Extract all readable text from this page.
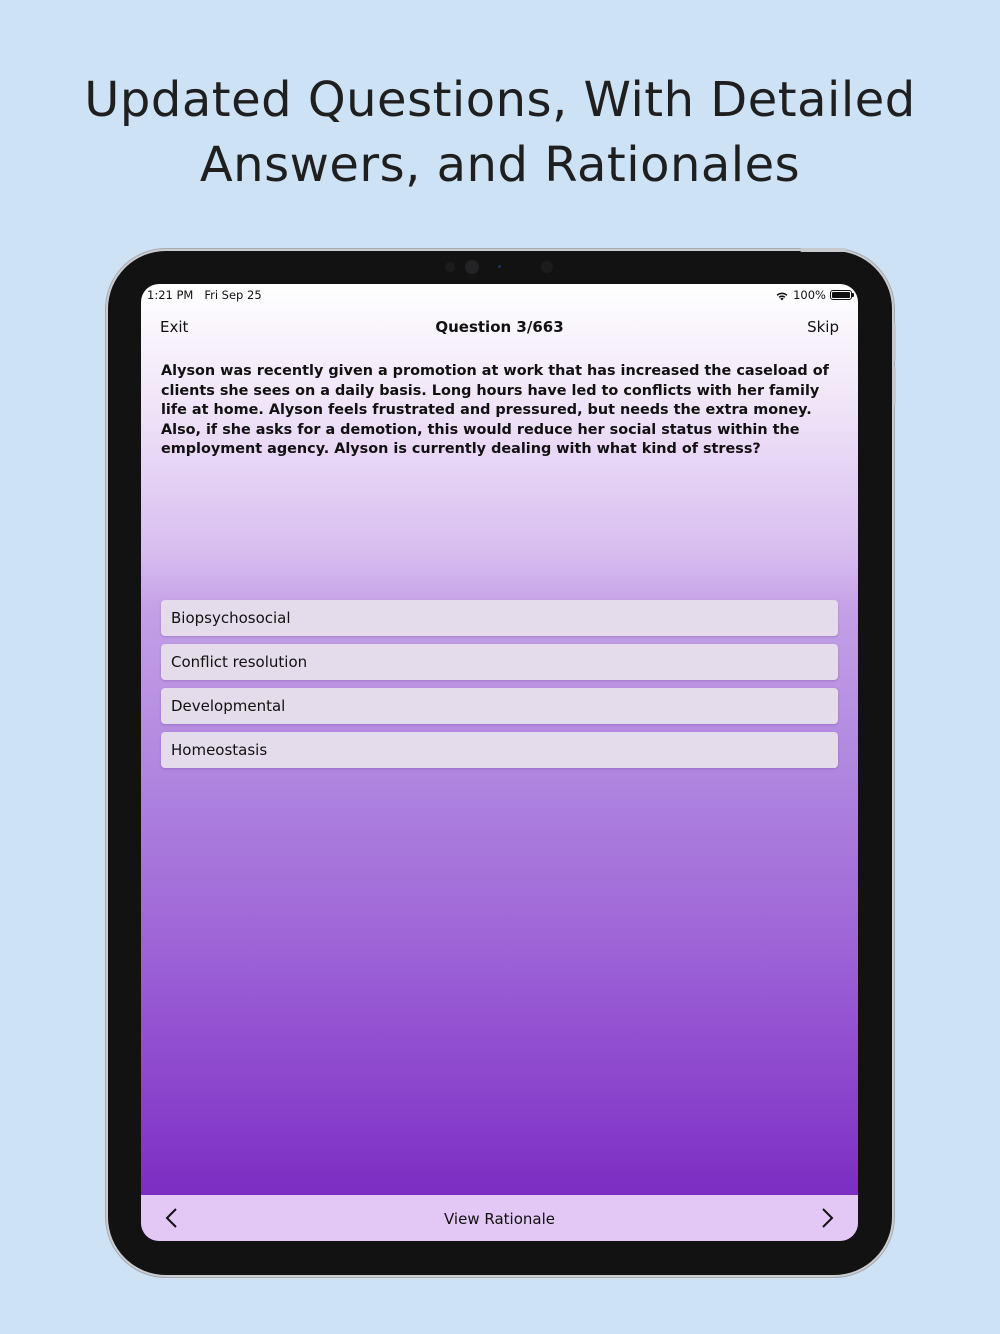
Updated Questions, With Detailed
Answers, and Rationales
1:21 PM Fri Sep 25	100%
Exit	Question 3/663	Skip
Alyson was recently given a promotion at work that has increased the caseload of clients she sees on a daily basis. Long hours have led to conflicts with her family life at home. Alyson feels frustrated and pressured, but needs the extra money. Also, if she asks for a demotion, this would reduce her social status within the employment agency. Alyson is currently dealing with what kind of stress?
Biopsychosocial
Conflict resolution
Developmental
Homeostasis
View Rationale
